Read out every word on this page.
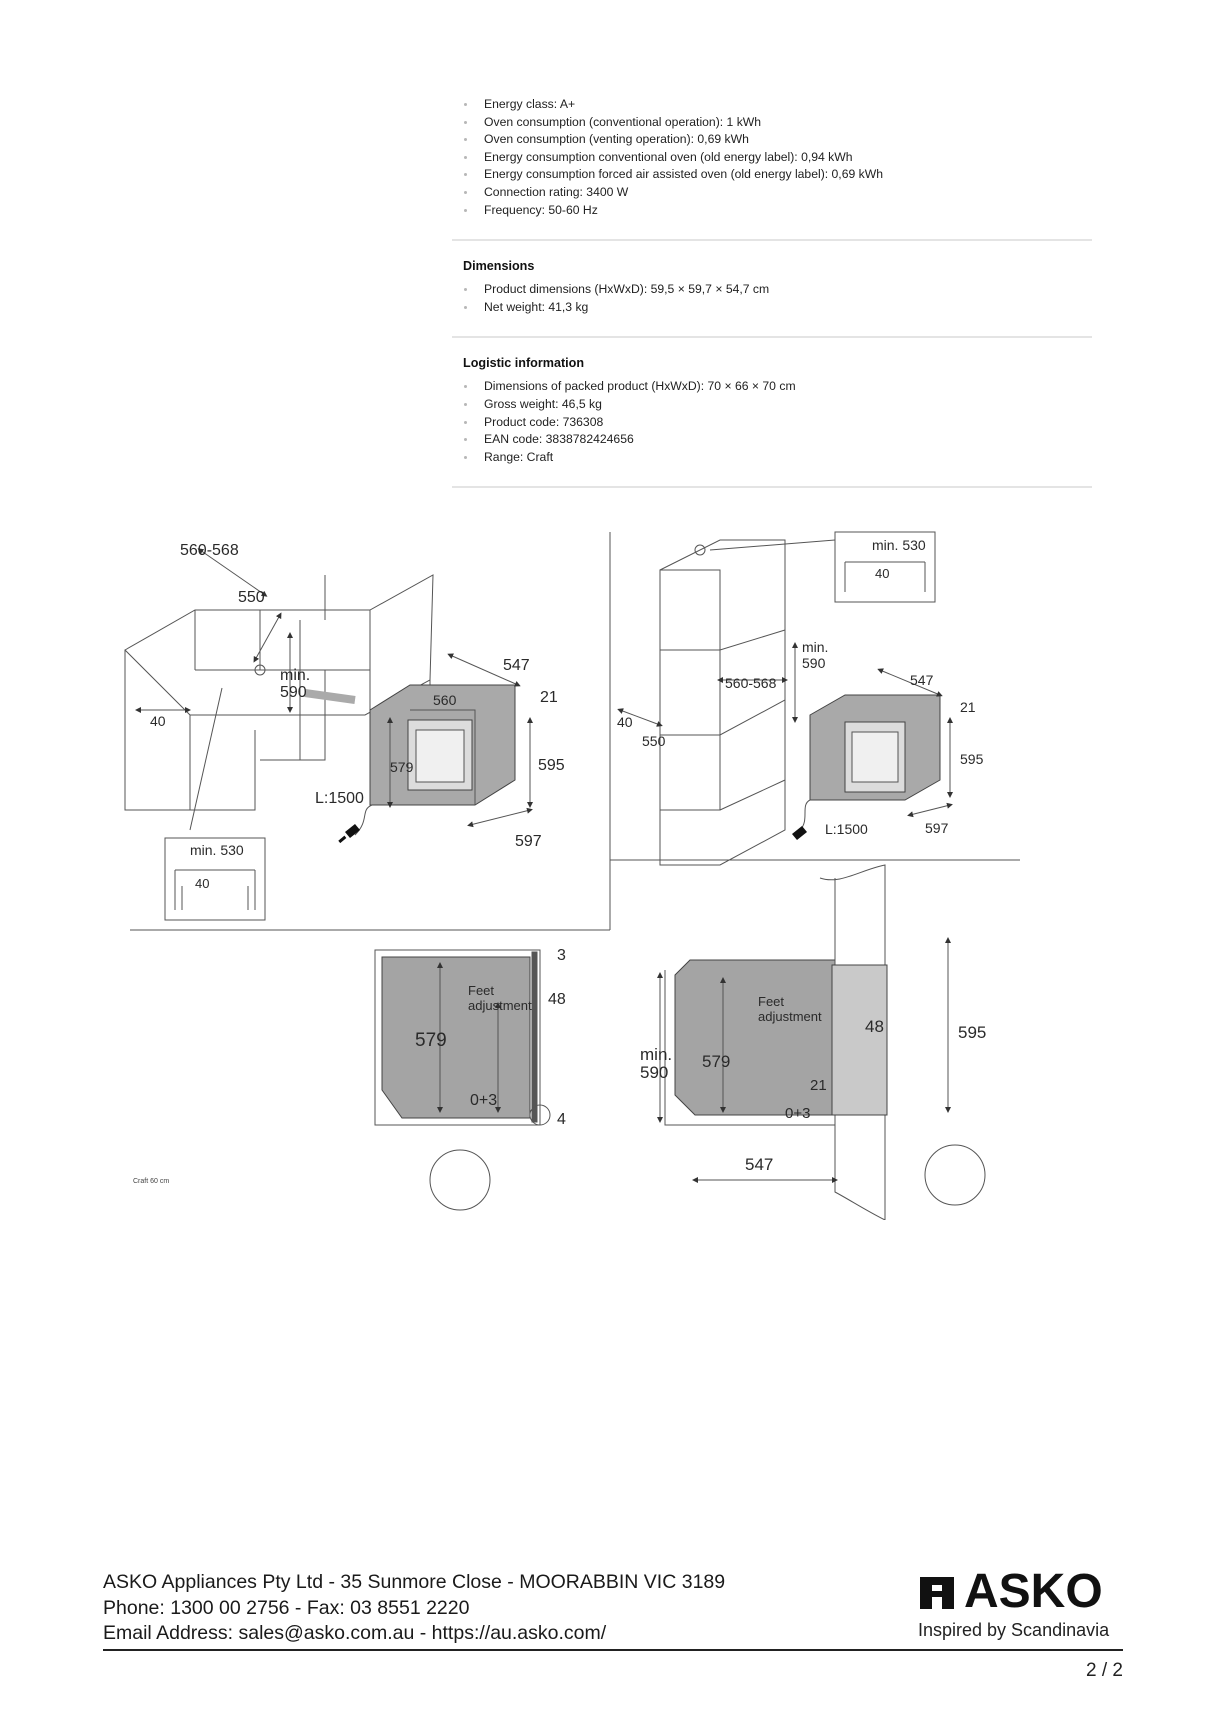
Energy class: A+
Oven consumption (conventional operation): 1 kWh
Oven consumption (venting operation): 0,69 kWh
Energy consumption conventional oven (old energy label): 0,94 kWh
Energy consumption forced air assisted oven (old energy label): 0,69 kWh
Connection rating: 3400 W
Frequency: 50-60 Hz
Dimensions
Product dimensions (HxWxD): 59,5 × 59,7 × 54,7 cm
Net weight: 41,3 kg
Logistic information
Dimensions of packed product (HxWxD): 70 × 66 × 70 cm
Gross weight: 46,5 kg
Product code: 736308
EAN code: 3838782424656
Range: Craft
560-568
550
min.
590
547
560	21
40
579	595
L:1500
597
min. 530
40
min. 530
40
min.
590
560-568	547
21
40
550
595
L:1500	597
579
Feet
adjustment
0+3
3
48
4
min.
590
579
Feet
adjustment
48	595
21
0+3
547
Craft 60 cm
ASKO Appliances Pty Ltd - 35 Sunmore Close - MOORABBIN VIC 3189
Phone: 1300 00 2756 - Fax: 03 8551 2220
Email Address: sales@asko.com.au - https://au.asko.com/
ASKO
Inspired by Scandinavia
2 / 2
